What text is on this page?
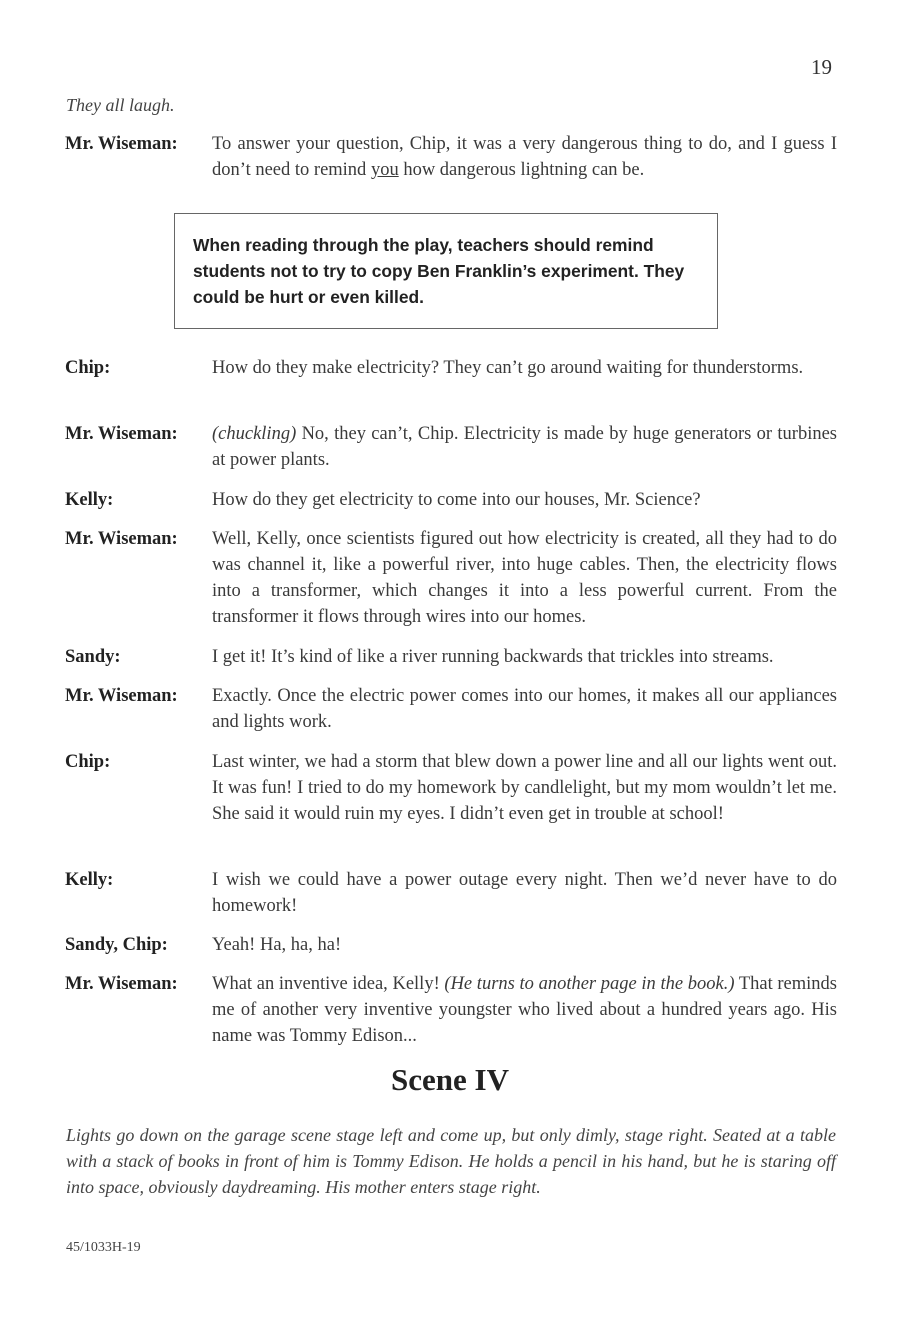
19
They all laugh.
Mr. Wiseman:	To answer your question, Chip, it was a very dangerous thing to do, and I guess I don’t need to remind you how dangerous lightning can be.
When reading through the play, teachers should remind students not to try to copy Ben Franklin’s experiment. They could be hurt or even killed.
Chip:	How do they make electricity? They can’t go around waiting for thunderstorms.
Mr. Wiseman:	(chuckling) No, they can’t, Chip. Electricity is made by huge generators or turbines at power plants.
Kelly:	How do they get electricity to come into our houses, Mr. Science?
Mr. Wiseman:	Well, Kelly, once scientists figured out how electricity is created, all they had to do was channel it, like a powerful river, into huge cables. Then, the electricity flows into a transformer, which changes it into a less powerful current. From the transformer it flows through wires into our homes.
Sandy:	I get it! It’s kind of like a river running backwards that trickles into streams.
Mr. Wiseman:	Exactly. Once the electric power comes into our homes, it makes all our appliances and lights work.
Chip:	Last winter, we had a storm that blew down a power line and all our lights went out. It was fun! I tried to do my homework by candlelight, but my mom wouldn’t let me. She said it would ruin my eyes. I didn’t even get in trouble at school!
Kelly:	I wish we could have a power outage every night. Then we’d never have to do homework!
Sandy, Chip:	Yeah! Ha, ha, ha!
Mr. Wiseman:	What an inventive idea, Kelly! (He turns to another page in the book.) That reminds me of another very inventive youngster who lived about a hundred years ago. His name was Tommy Edison...
Scene IV
Lights go down on the garage scene stage left and come up, but only dimly, stage right. Seated at a table with a stack of books in front of him is Tommy Edison. He holds a pencil in his hand, but he is staring off into space, obviously daydreaming. His mother enters stage right.
45/1033H-19
